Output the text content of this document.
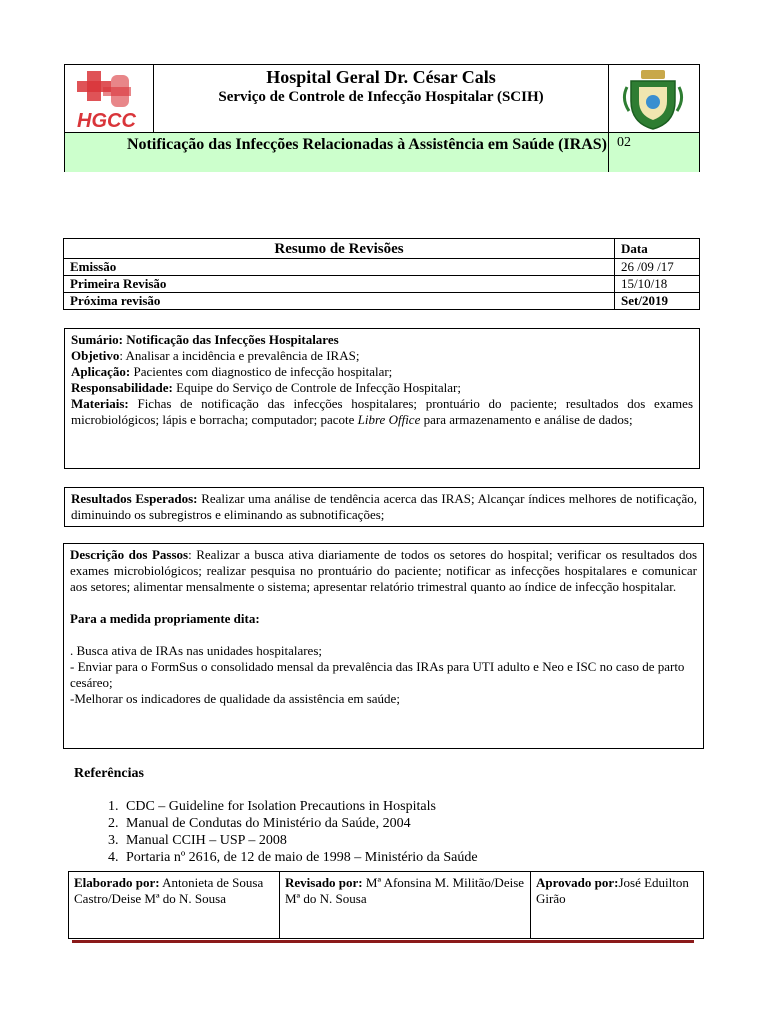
HGCC
Hospital Geral Dr. César Cals
Serviço de Controle de Infecção Hospitalar (SCIH)
Notificação das Infecções Relacionadas à Assistência em Saúde (IRAS) 02
Resumo de Revisões	Data
Emissão	26 /09 /17
Primeira Revisão	15/10/18
Próxima revisão	Set/2019
Sumário: Notificação das Infecções Hospitalares
Objetivo: Analisar a incidência e prevalência de IRAS;
Aplicação: Pacientes com diagnostico de infecção hospitalar;
Responsabilidade: Equipe do Serviço de Controle de Infecção Hospitalar;
Materiais: Fichas de notificação das infecções hospitalares; prontuário do paciente; resultados dos exames microbiológicos; lápis e borracha; computador; pacote Libre Office para armazenamento e análise de dados;
Resultados Esperados: Realizar uma análise de tendência acerca das IRAS; Alcançar índices melhores de notificação, diminuindo os subregistros e eliminando as subnotificações;
Descrição dos Passos: Realizar a busca ativa diariamente de todos os setores do hospital; verificar os resultados dos exames microbiológicos; realizar pesquisa no prontuário do paciente; notificar as infecções hospitalares e comunicar aos setores; alimentar mensalmente o sistema; apresentar relatório trimestral quanto ao índice de infecção hospitalar.
Para a medida propriamente dita:
. Busca ativa de IRAs nas unidades hospitalares;
- Enviar para o FormSus o consolidado mensal da prevalência das IRAs para UTI adulto e Neo e ISC no caso de parto cesáreo;
-Melhorar os indicadores de qualidade da assistência em saúde;
Referências
1. CDC – Guideline for Isolation Precautions in Hospitals
2. Manual de Condutas do Ministério da Saúde, 2004
3. Manual CCIH – USP – 2008
4. Portaria nº 2616, de 12 de maio de 1998 – Ministério da Saúde
Elaborado por: Antonieta de Sousa Castro/Deise Mª do N. Sousa	Revisado por: Mª Afonsina M. Militão/Deise Mª do N. Sousa	Aprovado por:José Eduilton Girão
